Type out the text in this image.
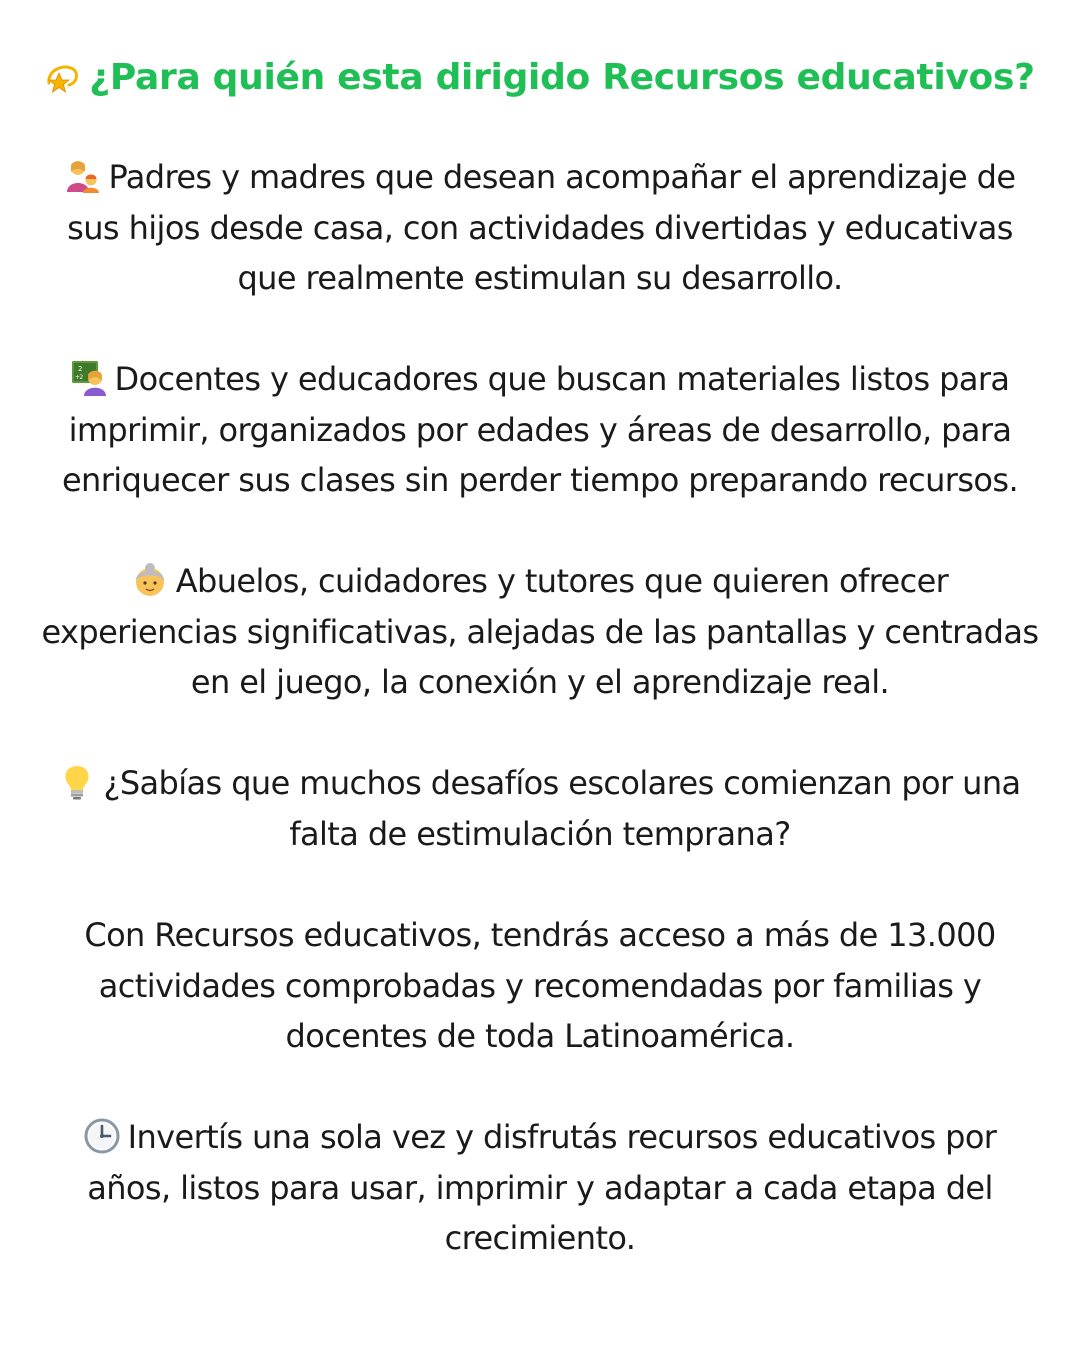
¿Para quién esta dirigido Recursos educativos?
Padres y madres que desean acompañar el aprendizaje de
sus hijos desde casa, con actividades divertidas y educativas
que realmente estimulan su desarrollo.
2
+2 Docentes y educadores que buscan materiales listos para
imprimir, organizados por edades y áreas de desarrollo, para
enriquecer sus clases sin perder tiempo preparando recursos.
Abuelos, cuidadores y tutores que quieren ofrecer
experiencias significativas, alejadas de las pantallas y centradas
en el juego, la conexión y el aprendizaje real.
¿Sabías que muchos desafíos escolares comienzan por una
falta de estimulación temprana?
Con Recursos educativos, tendrás acceso a más de 13.000
actividades comprobadas y recomendadas por familias y
docentes de toda Latinoamérica.
Invertís una sola vez y disfrutás recursos educativos por
años, listos para usar, imprimir y adaptar a cada etapa del
crecimiento.
